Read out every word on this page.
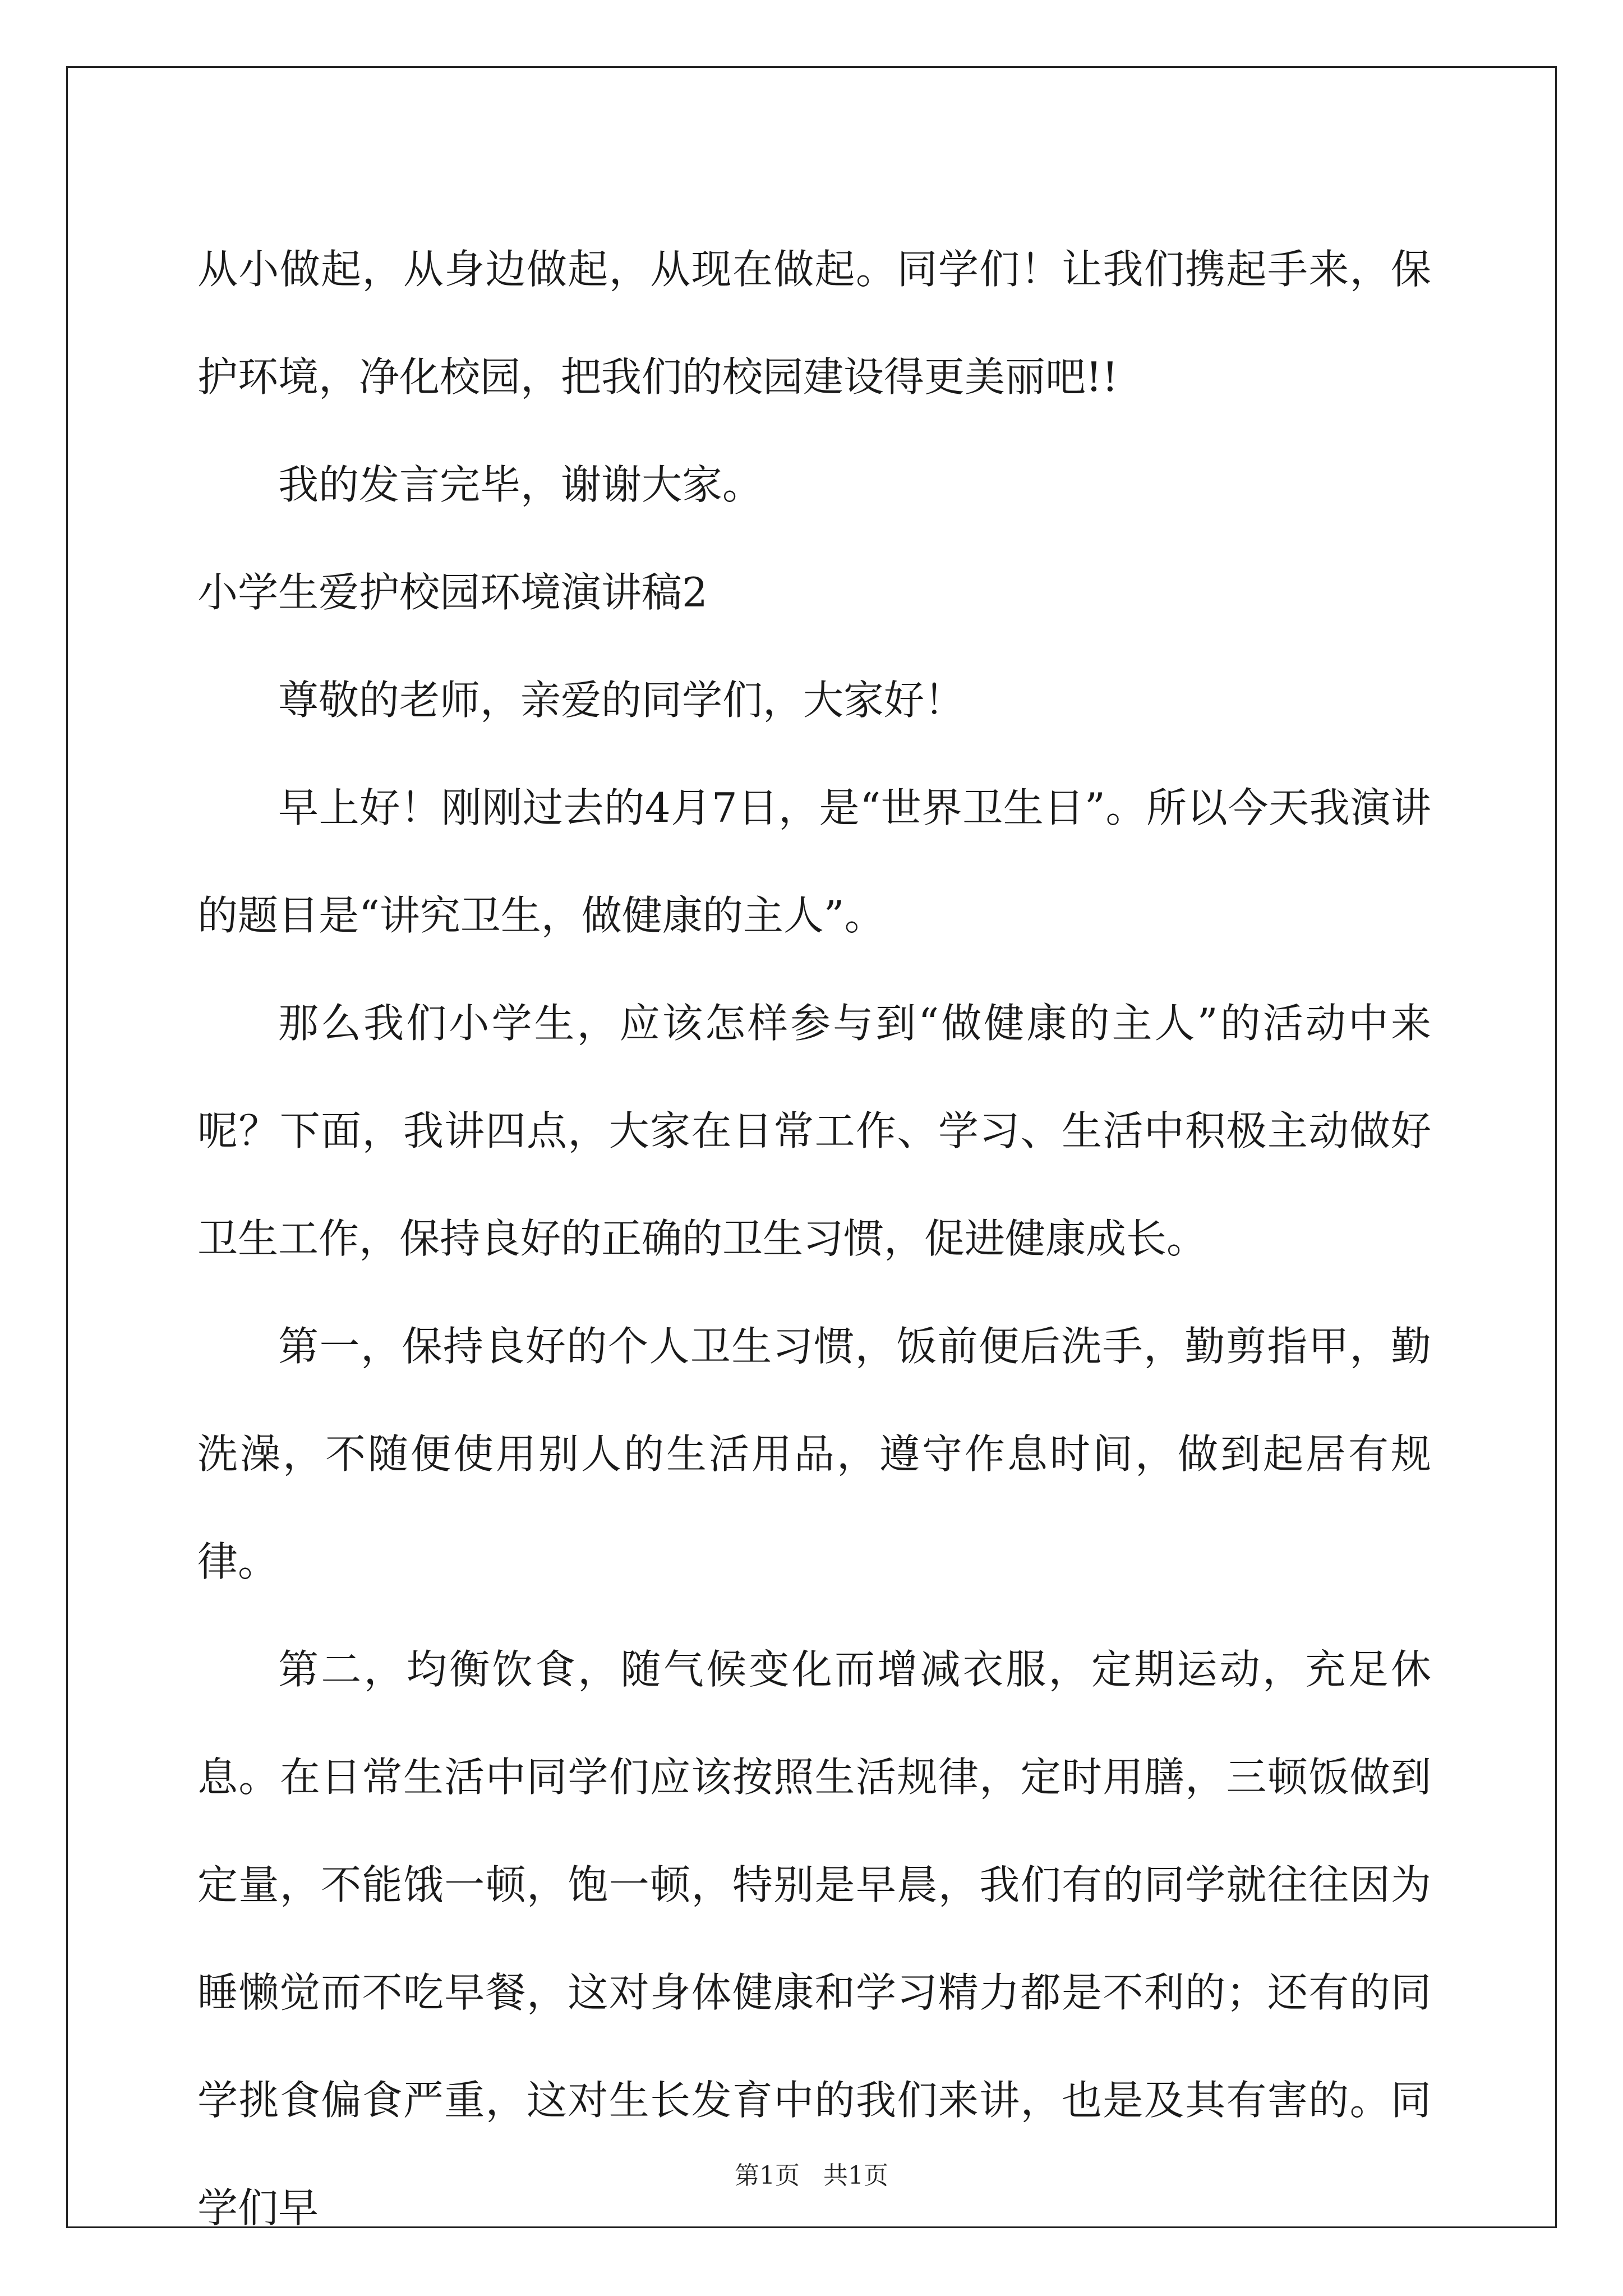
从小做起，从身边做起，从现在做起。同学们！让我们携起手来，保护环境，净化校园，把我们的校园建设得更美丽吧!!

我的发言完毕，谢谢大家。

小学生爱护校园环境演讲稿2

尊敬的老师，亲爱的同学们，大家好！

早上好！刚刚过去的4月7日，是“世界卫生日”。所以今天我演讲的题目是“讲究卫生，做健康的主人”。

那么我们小学生，应该怎样参与到“做健康的主人”的活动中来呢？下面，我讲四点，大家在日常工作、学习、生活中积极主动做好卫生工作，保持良好的正确的卫生习惯，促进健康成长。

第一，保持良好的个人卫生习惯，饭前便后洗手，勤剪指甲，勤洗澡，不随便使用别人的生活用品，遵守作息时间，做到起居有规律。

第二，均衡饮食，随气候变化而增减衣服，定期运动，充足休息。在日常生活中同学们应该按照生活规律，定时用膳，三顿饭做到定量，不能饿一顿，饱一顿，特别是早晨，我们有的同学就往往因为睡懒觉而不吃早餐，这对身体健康和学习精力都是不利的；还有的同学挑食偏食严重，这对生长发育中的我们来讲，也是及其有害的。同学们早

第1页   共1页
